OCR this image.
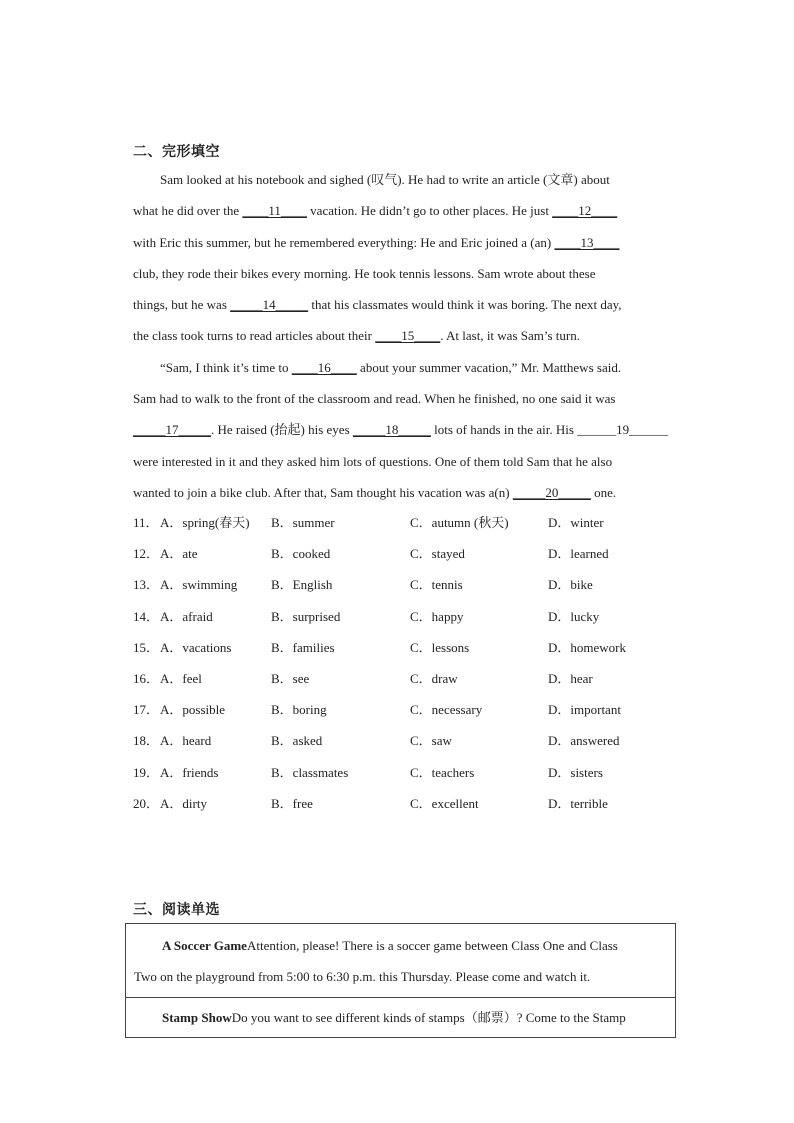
二、完形填空
Sam looked at his notebook and sighed (叹气). He had to write an article (文章) about
what he did over the ____11____ vacation. He didn’t go to other places. He just ____12____
with Eric this summer, but he remembered everything: He and Eric joined a (an) ____13____
club, they rode their bikes every morning. He took tennis lessons. Sam wrote about these
things, but he was _____14_____ that his classmates would think it was boring. The next day,
the class took turns to read articles about their ____15____. At last, it was Sam’s turn.
“Sam, I think it’s time to ____16____ about your summer vacation,” Mr. Matthews said.
Sam had to walk to the front of the classroom and read. When he finished, no one said it was
_____17_____. He raised (抬起) his eyes _____18_____ lots of hands in the air. His ______19______
were interested in it and they asked him lots of questions. One of them told Sam that he also
wanted to join a bike club. After that, Sam thought his vacation was a(n) _____20_____ one.
11． A．spring(春天) B．summer	C．autumn (秋天)	D．winter
12． A．ate	B．cooked	C．stayed	D．learned
13． A．swimming	B．English	C．tennis	D．bike
14． A．afraid	B．surprised	C．happy	D．lucky
15． A．vacations	B．families	C．lessons	D．homework
16． A．feel	B．see	C．draw	D．hear
17． A．possible	B．boring	C．necessary	D．important
18． A．heard	B．asked	C．saw	D．answered
19． A．friends	B．classmates	C．teachers	D．sisters
20． A．dirty	B．free	C．excellent	D．terrible
三、阅读单选
A Soccer GameAttention, please! There is a soccer game between Class One and Class
Two on the playground from 5:00 to 6:30 p.m. this Thursday. Please come and watch it.
Stamp ShowDo you want to see different kinds of stamps（邮票）? Come to the Stamp
